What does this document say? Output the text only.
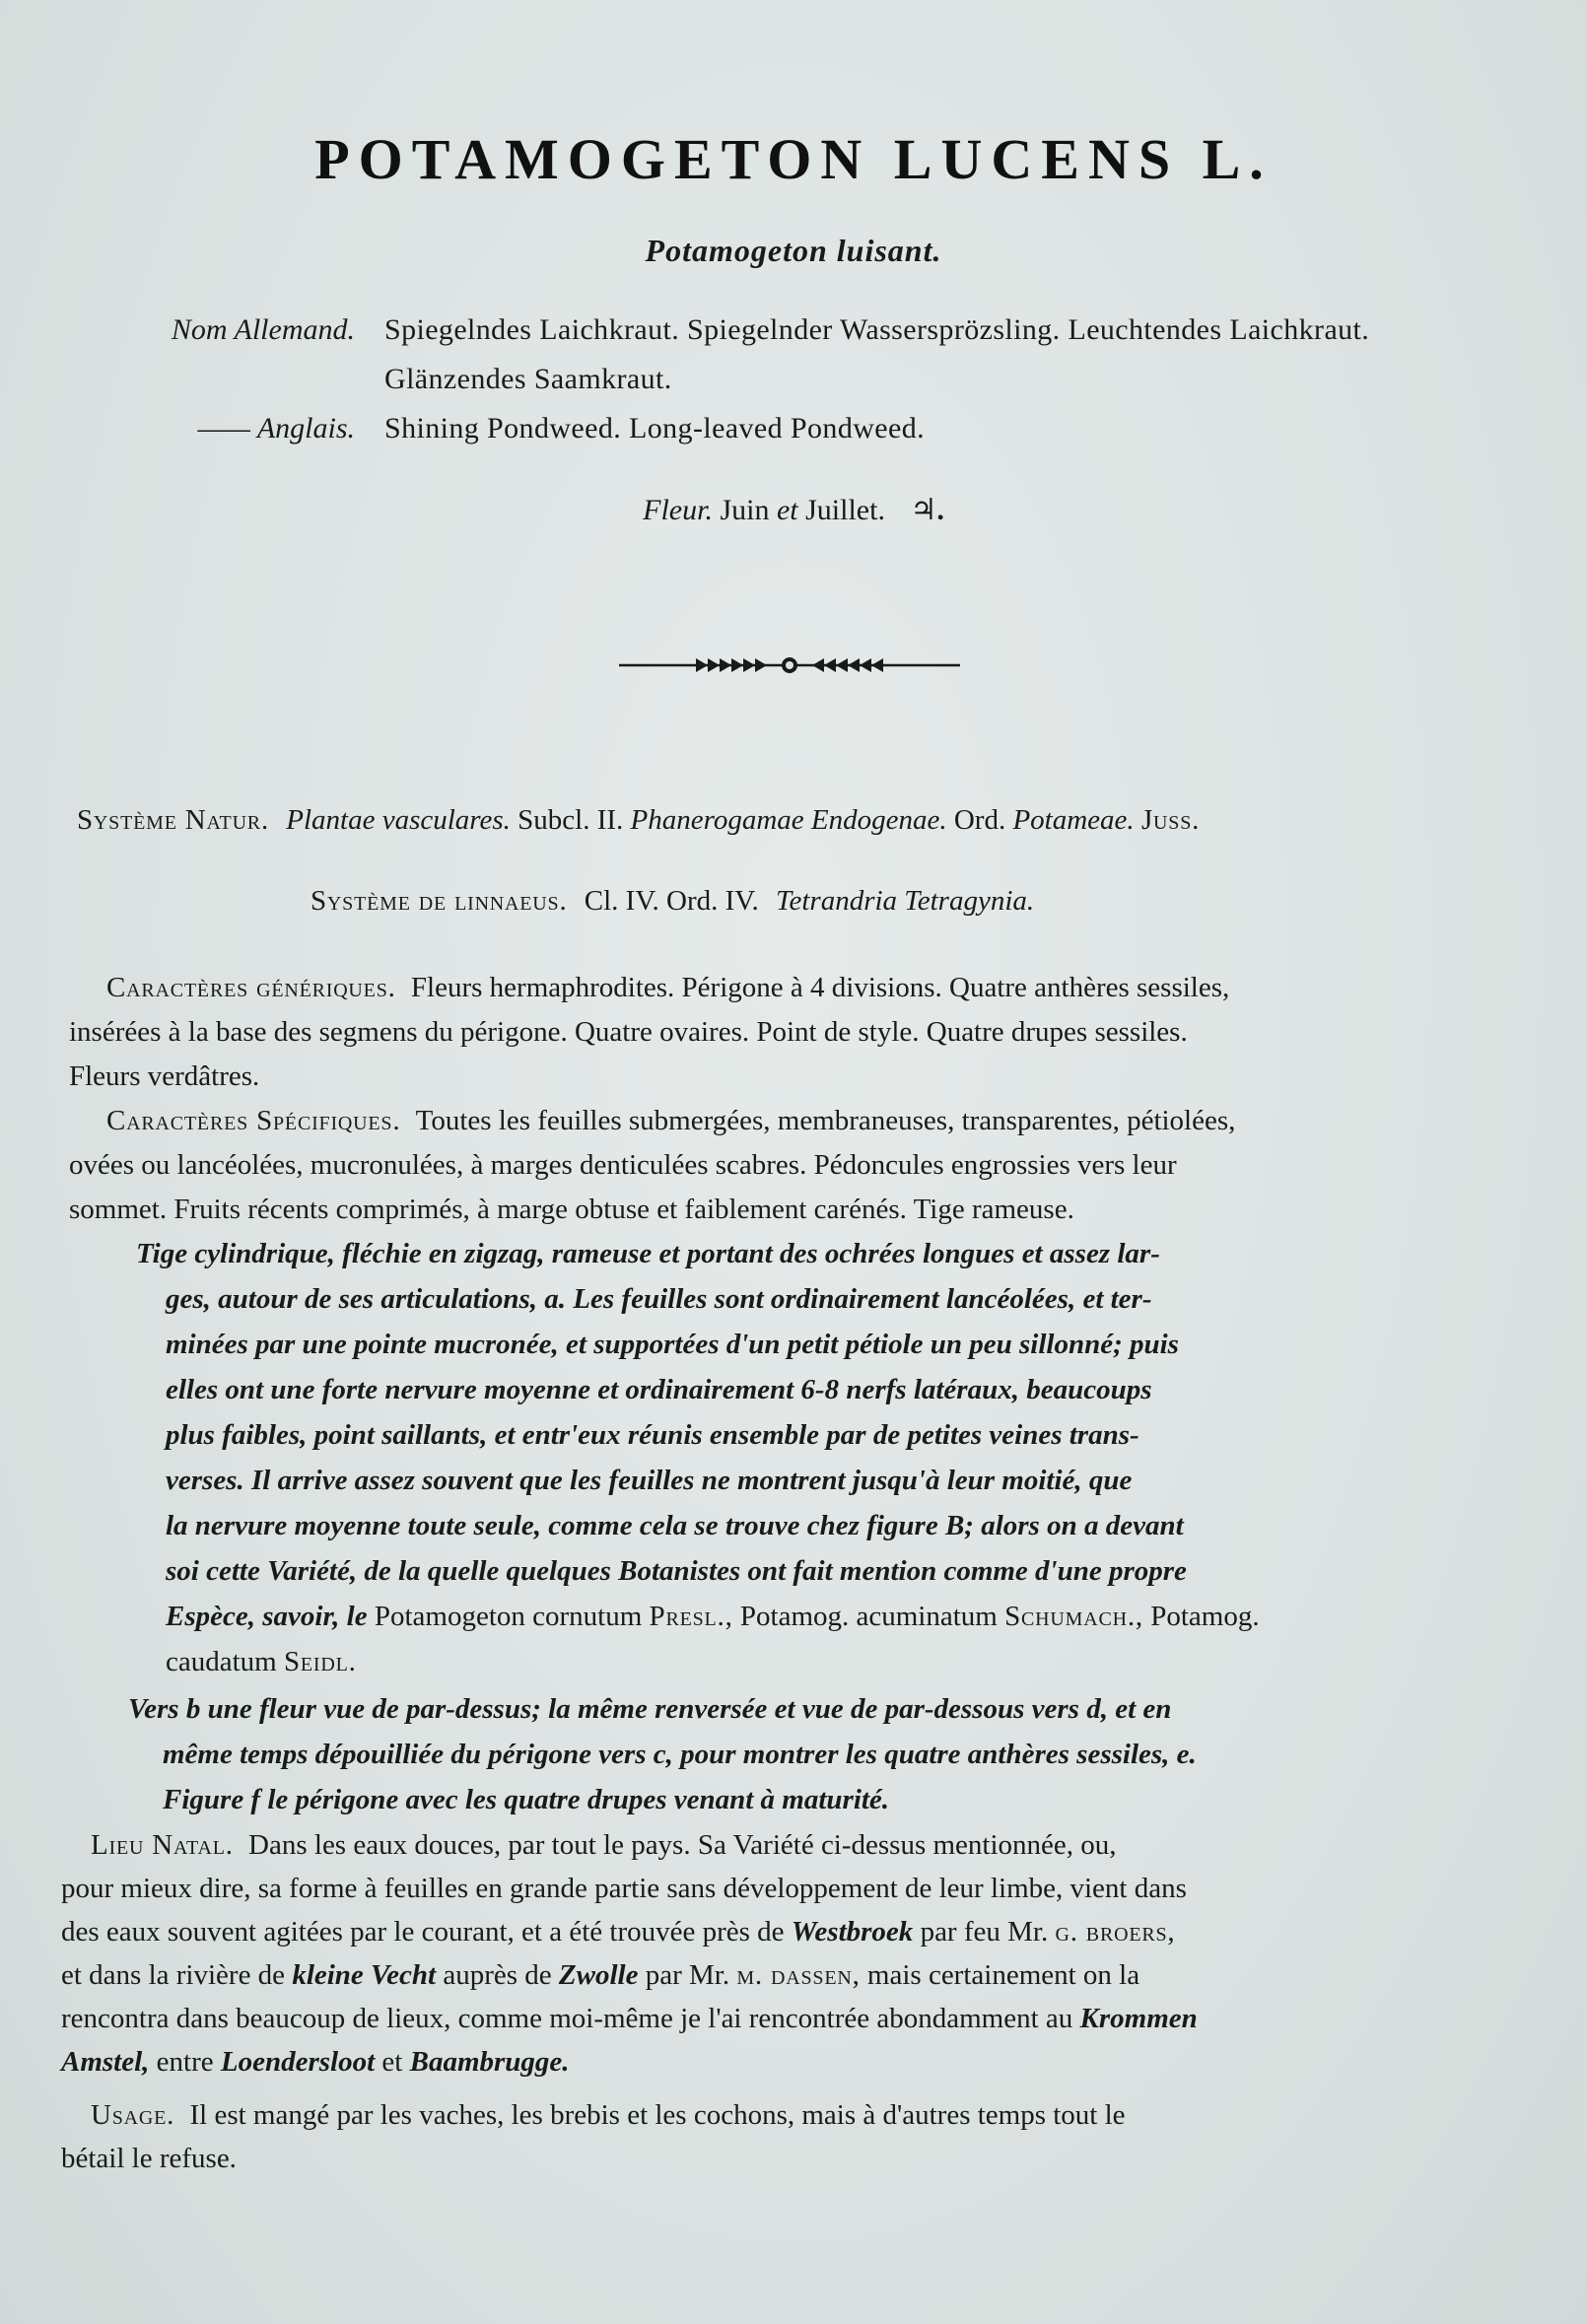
POTAMOGETON LUCENS L.
Potamogeton luisant.
Nom Allemand. Spiegelndes Laichkraut. Spiegelnder Wassersprözsling. Leuchtendes Laichkraut.
Glänzendes Saamkraut.
—— Anglais. Shining Pondweed. Long-leaved Pondweed.
Fleur. Juin et Juillet. ♃.
Système Natur. Plantae vasculares. Subcl. II. Phanerogamae Endogenae. Ord. Potameae. Juss.
Système de linnaeus. Cl. IV. Ord. IV. Tetrandria Tetragynia.
Caractères génériques. Fleurs hermaphrodites. Périgone à 4 divisions. Quatre anthères sessiles,
insérées à la base des segmens du périgone. Quatre ovaires. Point de style. Quatre drupes sessiles.
Fleurs verdâtres.
Caractères Spécifiques. Toutes les feuilles submergées, membraneuses, transparentes, pétiolées,
ovées ou lancéolées, mucronulées, à marges denticulées scabres. Pédoncules engrossies vers leur
sommet. Fruits récents comprimés, à marge obtuse et faiblement carénés. Tige rameuse.
Tige cylindrique, fléchie en zigzag, rameuse et portant des ochrées longues et assez lar-
ges, autour de ses articulations, a. Les feuilles sont ordinairement lancéolées, et ter-
minées par une pointe mucronée, et supportées d'un petit pétiole un peu sillonné; puis
elles ont une forte nervure moyenne et ordinairement 6-8 nerfs latéraux, beaucoups
plus faibles, point saillants, et entr'eux réunis ensemble par de petites veines trans-
verses. Il arrive assez souvent que les feuilles ne montrent jusqu'à leur moitié, que
la nervure moyenne toute seule, comme cela se trouve chez figure B; alors on a devant
soi cette Variété, de la quelle quelques Botanistes ont fait mention comme d'une propre
Espèce, savoir, le Potamogeton cornutum Presl., Potamog. acuminatum Schumach., Potamog.
caudatum Seidl.
Vers b une fleur vue de par-dessus; la même renversée et vue de par-dessous vers d, et en
même temps dépouilliée du périgone vers c, pour montrer les quatre anthères sessiles, e.
Figure f le périgone avec les quatre drupes venant à maturité.
Lieu Natal. Dans les eaux douces, par tout le pays. Sa Variété ci-dessus mentionnée, ou,
pour mieux dire, sa forme à feuilles en grande partie sans développement de leur limbe, vient dans
des eaux souvent agitées par le courant, et a été trouvée près de Westbroek par feu Mr. g. broers,
et dans la rivière de kleine Vecht auprès de Zwolle par Mr. m. dassen, mais certainement on la
rencontra dans beaucoup de lieux, comme moi-même je l'ai rencontrée abondamment au Krommen
Amstel, entre Loendersloot et Baambrugge.
Usage. Il est mangé par les vaches, les brebis et les cochons, mais à d'autres temps tout le
bétail le refuse.
